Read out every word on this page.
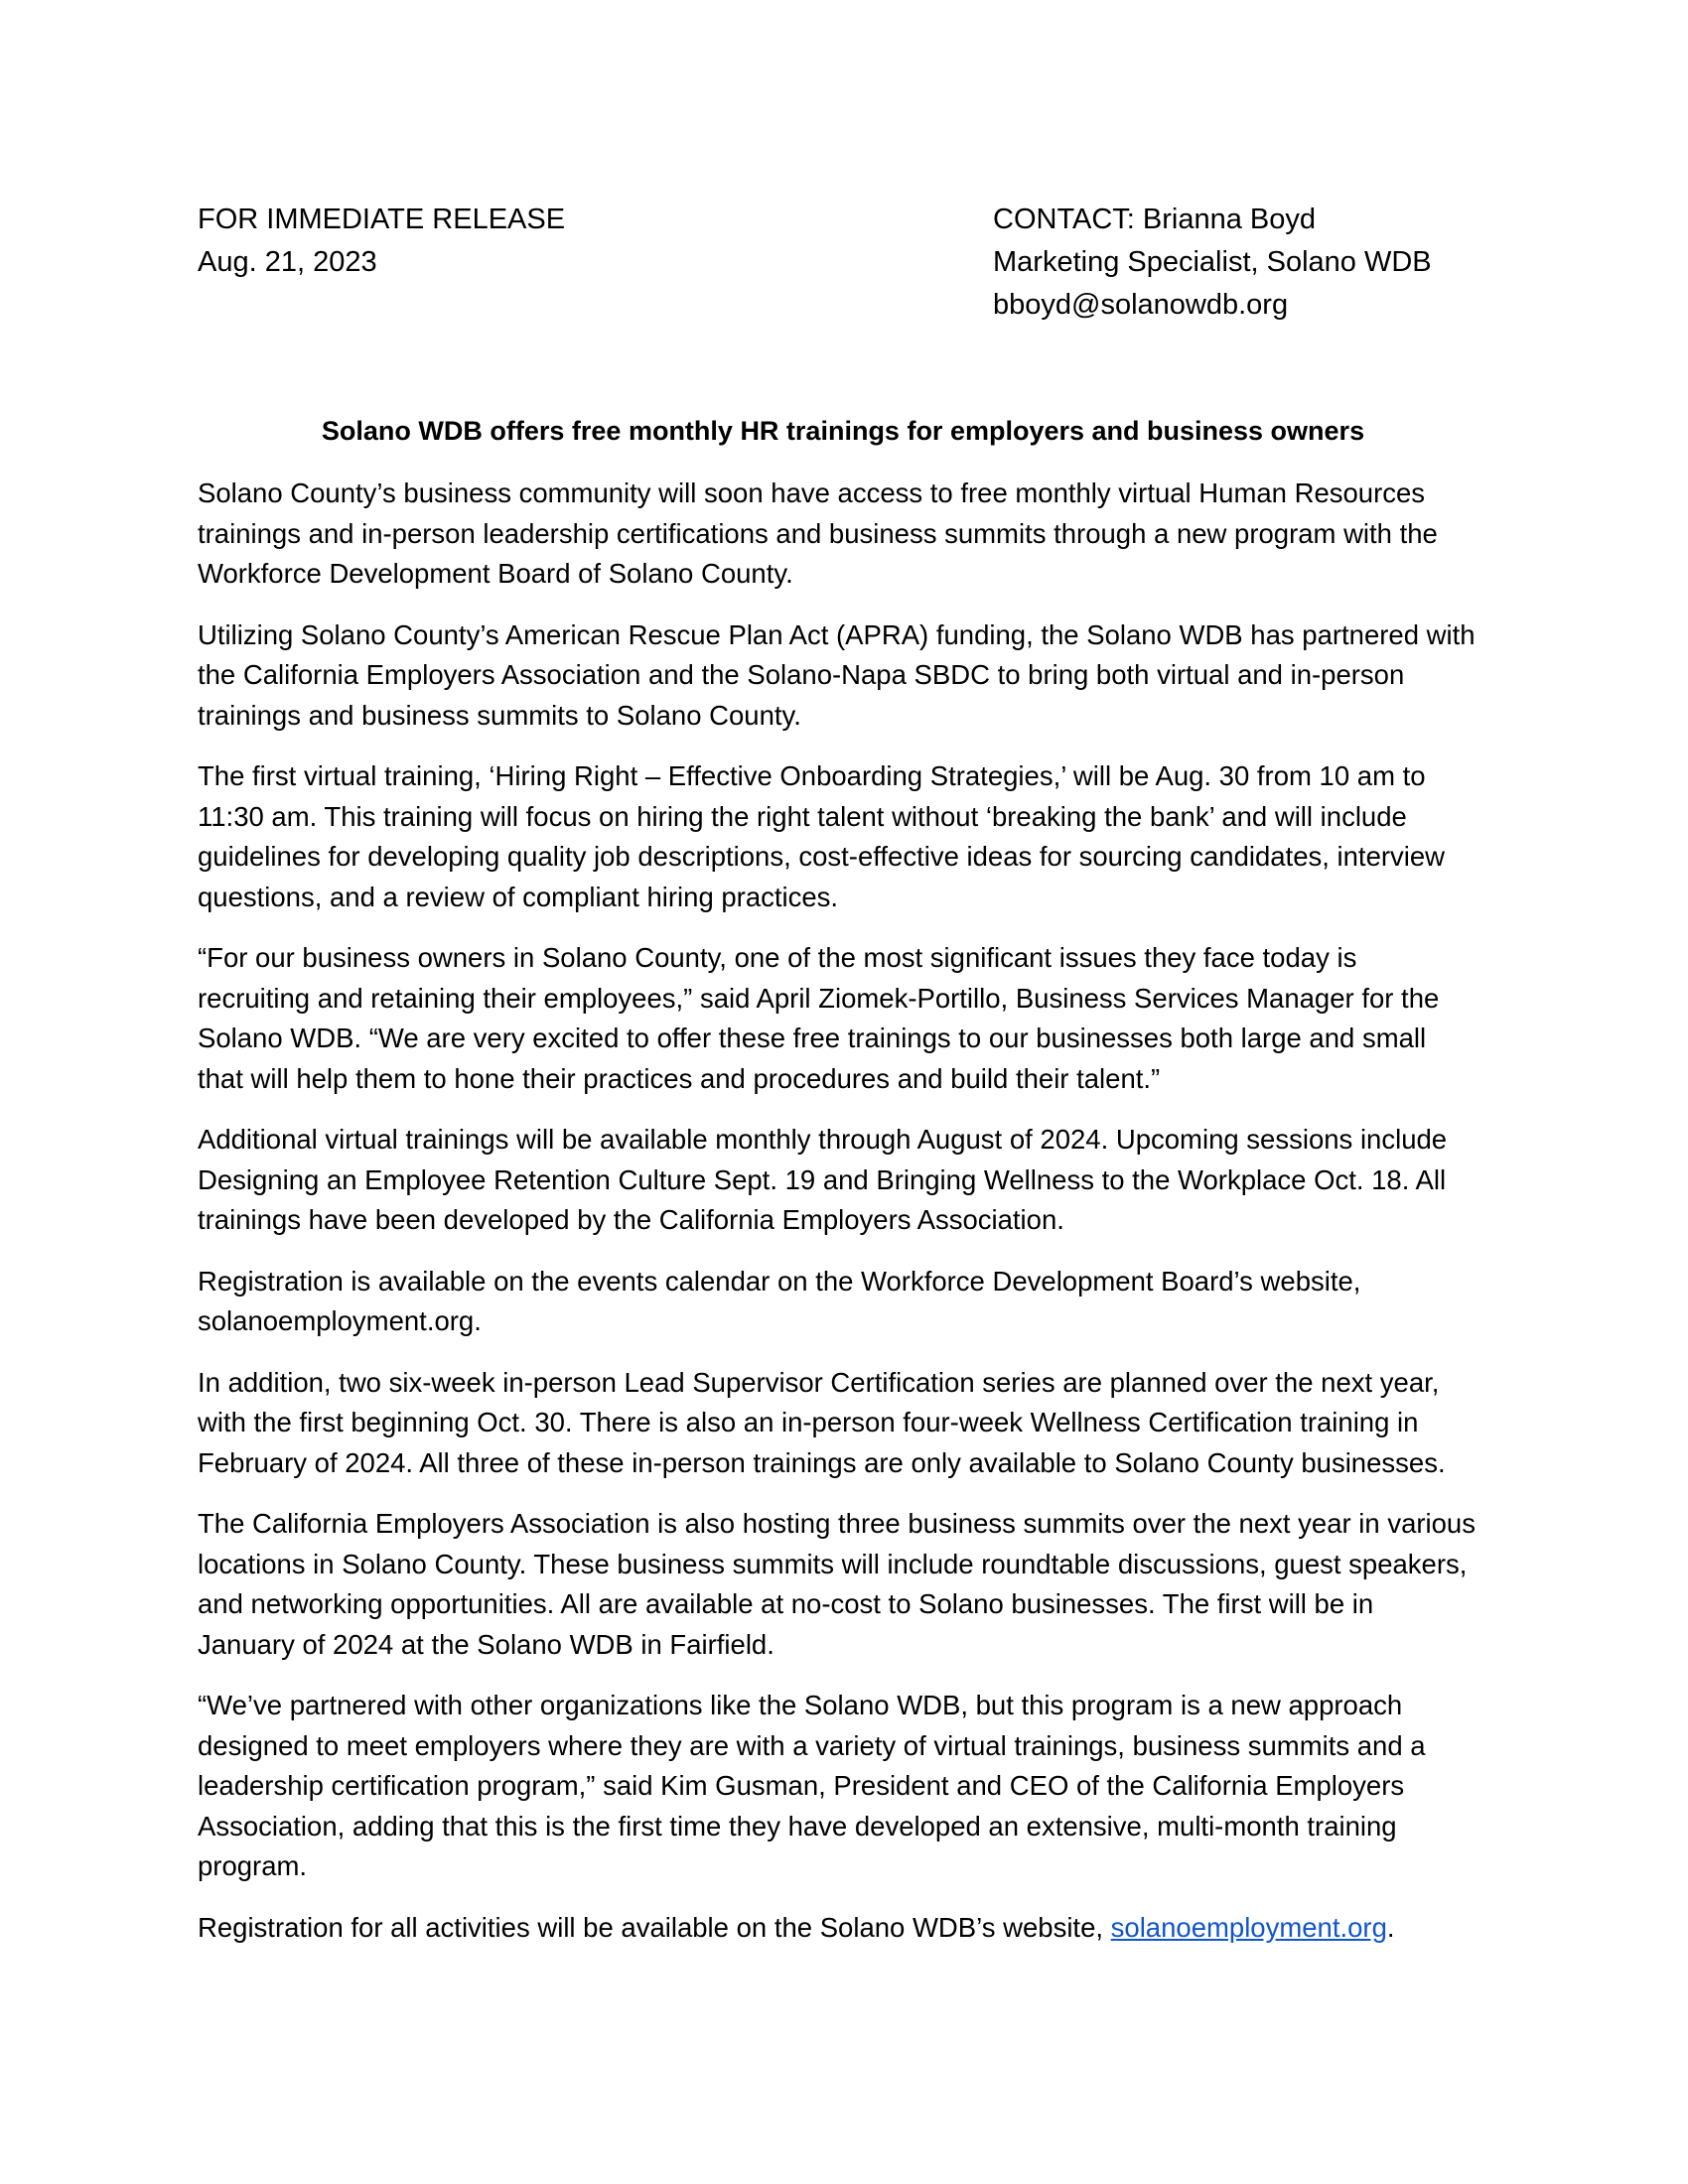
FOR IMMEDIATE RELEASE
Aug. 21, 2023
CONTACT: Brianna Boyd
Marketing Specialist, Solano WDB
bboyd@solanowdb.org
Solano WDB offers free monthly HR trainings for employers and business owners

Solano County’s business community will soon have access to free monthly virtual Human Resources
trainings and in-person leadership certifications and business summits through a new program with the
Workforce Development Board of Solano County.

Utilizing Solano County’s American Rescue Plan Act (APRA) funding, the Solano WDB has partnered with
the California Employers Association and the Solano-Napa SBDC to bring both virtual and in-person
trainings and business summits to Solano County.

The first virtual training, ‘Hiring Right – Effective Onboarding Strategies,’ will be Aug. 30 from 10 am to
11:30 am. This training will focus on hiring the right talent without ‘breaking the bank’ and will include
guidelines for developing quality job descriptions, cost-effective ideas for sourcing candidates, interview
questions, and a review of compliant hiring practices.

“For our business owners in Solano County, one of the most significant issues they face today is
recruiting and retaining their employees,” said April Ziomek-Portillo, Business Services Manager for the
Solano WDB. “We are very excited to offer these free trainings to our businesses both large and small
that will help them to hone their practices and procedures and build their talent.”

Additional virtual trainings will be available monthly through August of 2024. Upcoming sessions include
Designing an Employee Retention Culture Sept. 19 and Bringing Wellness to the Workplace Oct. 18. All
trainings have been developed by the California Employers Association.

Registration is available on the events calendar on the Workforce Development Board’s website,
solanoemployment.org.

In addition, two six-week in-person Lead Supervisor Certification series are planned over the next year,
with the first beginning Oct. 30. There is also an in-person four-week Wellness Certification training in
February of 2024. All three of these in-person trainings are only available to Solano County businesses.

The California Employers Association is also hosting three business summits over the next year in various
locations in Solano County. These business summits will include roundtable discussions, guest speakers,
and networking opportunities. All are available at no-cost to Solano businesses. The first will be in
January of 2024 at the Solano WDB in Fairfield.

“We’ve partnered with other organizations like the Solano WDB, but this program is a new approach
designed to meet employers where they are with a variety of virtual trainings, business summits and a
leadership certification program,” said Kim Gusman, President and CEO of the California Employers
Association, adding that this is the first time they have developed an extensive, multi-month training
program.

Registration for all activities will be available on the Solano WDB’s website, solanoemployment.org.
